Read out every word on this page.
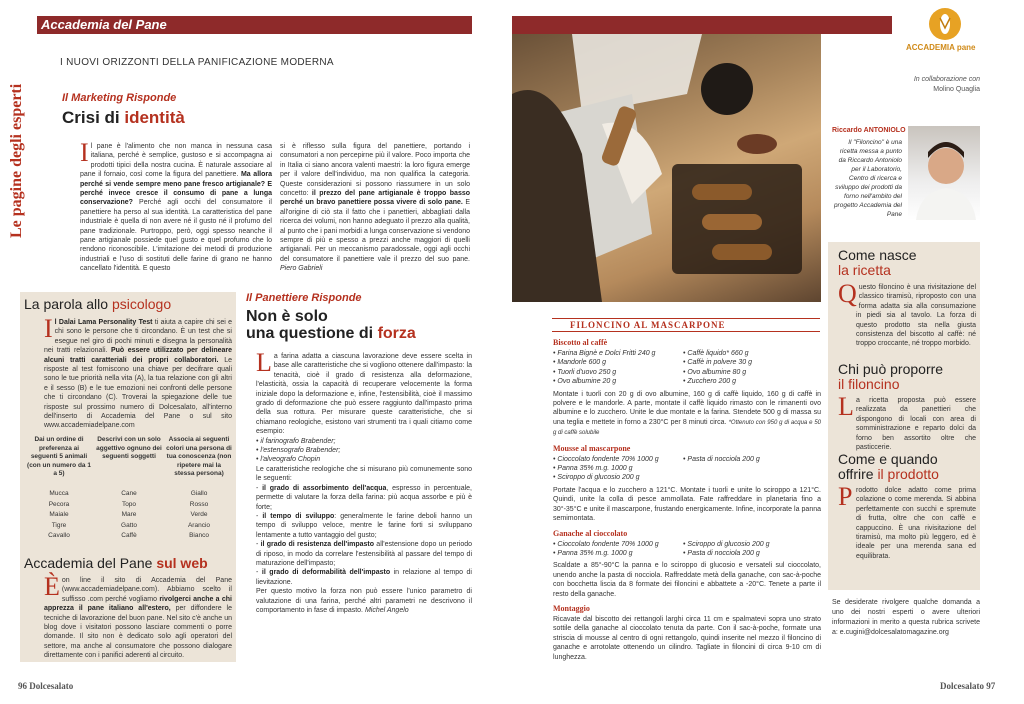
Accademia del Pane
ACCADEMIA pane
Le pagine degli esperti
I NUOVI ORIZZONTI DELLA PANIFICAZIONE MODERNA
Il Marketing Risponde
Crisi di identità
Il pane è l'alimento che non manca in nessuna casa italiana, perché è semplice, gustoso e si accompagna ai prodotti tipici della nostra cucina. È naturale associare al pane il fornaio, così come la figura del panettiere. Ma allora perché si vende sempre meno pane fresco artigianale? E perché invece cresce il consumo di pane a lunga conservazione? Perché agli occhi del consumatore il panettiere ha perso al sua identità. La caratteristica del pane industriale è quella di non avere né il gusto né il profumo del pane tradizionale. Purtroppo, però, oggi spesso neanche il pane artigianale possiede quel gusto e quel profumo che lo rendono riconoscibile. L'imitazione dei metodi di produzione industriali e l'uso di sostituti delle farine di grano ne hanno cancellato l'identità. E questo
si è riflesso sulla figura del panettiere, portando i consumatori a non percepirne più il valore. Poco importa che in Italia ci siano ancora valenti maestri: la loro figura emerge per il valore dell'individuo, ma non qualifica la categoria. Queste considerazioni si possono riassumere in un solo concetto: il prezzo del pane artigianale è troppo basso perché un bravo panettiere possa vivere di solo pane. E all'origine di ciò sta il fatto che i panettieri, abbagliati dalla ricerca dei volumi, non hanno adeguato il prezzo alla qualità, al punto che i pani morbidi a lunga conservazione si vendono sempre di più e spesso a prezzi anche maggiori di quelli artigianali. Per un meccanismo paradossale, oggi agli occhi del consumatore il panettiere vale il prezzo del suo pane. Piero Gabrieli
La parola allo psicologo
Il Dalai Lama Personality Test ti aiuta a capire chi sei e chi sono le persone che ti circondano. È un test che si esegue nel giro di pochi minuti e disegna la personalità nei tratti relazionali. Può essere utilizzato per delineare alcuni tratti caratteriali dei propri collaboratori. Le risposte al test forniscono una chiave per decifrare quali sono le tue priorità nella vita (A), la tua relazione con gli altri e il sesso (B) e le tue emozioni nei confronti delle persone che ti circondano (C). Troverai la spiegazione delle tue risposte sul prossimo numero di Dolcesalato, all'interno dell'inserto di Accademia del Pane o sul sito www.accademiadelpane.com
Dai un ordine di preferenza ai seguenti 5 animali (con un numero da 1 a 5)	Descrivi con un solo aggettivo ognuno dei seguenti soggetti	Associa ai seguenti colori una persona di tua conoscenza (non ripetere mai la stessa persona)

Mucca	Cane	Giallo
Pecora	Topo	Rosso
Maiale	Mare	Verde
Tigre	Gatto	Arancio
Cavallo	Caffè	Bianco
Accademia del Pane sul web
Èon line il sito di Accademia del Pane (www.accademiadelpane.com). Abbiamo scelto il suffisso .com perché vogliamo rivolgerci anche a chi apprezza il pane italiano all'estero, per diffondere le tecniche di lavorazione del buon pane. Nel sito c'è anche un blog dove i visitatori possono lasciare commenti o porre domande. Il sito non è dedicato solo agli operatori del settore, ma anche al consumatore che possono dialogare direttamente con i panifici aderenti al circuito.
Il Panettiere Risponde
Non è solo
una questione di forza
La farina adatta a ciascuna lavorazione deve essere scelta in base alle caratteristiche che si vogliono ottenere dall'impasto: la tenacità, cioè il grado di resistenza alla deformazione, l'elasticità, ossia la capacità di recuperare velocemente la forma iniziale dopo la deformazione e, infine, l'estensibilità, cioè il massimo grado di deformazione che può essere raggiunto dall'impasto prima della sua rottura. Per misurare queste caratteristiche, che si chiamano reologiche, esistono vari strumenti tra i quali citiamo come esempio:
• il farinografo Brabender;
• l'estensografo Brabender;
• l'alveografo Chopin
Le caratteristiche reologiche che si misurano più comunemente sono le seguenti:
- il grado di assorbimento dell'acqua, espresso in percentuale, permette di valutare la forza della farina: più acqua assorbe e più è forte;
- il tempo di sviluppo: generalmente le farine deboli hanno un tempo di sviluppo veloce, mentre le farine forti si sviluppano lentamente a tutto vantaggio del gusto;
- il grado di resistenza dell'impasto all'estensione dopo un periodo di riposo, in modo da correlare l'estensibilità al passare del tempo di maturazione dell'impasto;
- il grado di deformabilità dell'impasto in relazione al tempo di lievitazione.
Per questo motivo la forza non può essere l'unico parametro di valutazione di una farina, perché altri parametri ne descrivono il comportamento in fase di impasto. Michel Angelo
FILONCINO AL MASCARPONE
Biscotto al caffè
• Farina Bignè e Dolci Fritti 240 g
• Mandorle 600 g
• Tuorli d'uovo 250 g
• Ovo albumine 20 g
• Caffè liquido* 660 g
• Caffè in polvere 30 g
• Ovo albumine 80 g
• Zucchero 200 g
Montate i tuorli con 20 g di ovo albumine, 160 g di caffè liquido, 160 g di caffè in polvere e le mandorle. A parte, montate il caffè liquido rimasto con le rimanenti ovo albumine e lo zucchero. Unite le due montate e la farina. Stendete 500 g di massa su una teglia e mettete in forno a 230°C per 8 minuti circa. *Ottenuto con 950 g di acqua e 50 g di caffè solubile
Mousse al mascarpone
• Cioccolato fondente 70% 1000 g
• Panna 35% m.g. 1000 g
• Sciroppo di glucosio 200 g
• Pasta di nocciola 200 g
Portate l'acqua e lo zucchero a 121°C. Montate i tuorli e unite lo sciroppo a 121°C. Quindi, unite la colla di pesce ammollata. Fate raffreddare in planetaria fino a 30°-35°C e unite il mascarpone, frustando energicamente. Infine, incorporate la panna semimontata.
Ganache al cioccolato
• Cioccolato fondente 70% 1000 g
• Panna 35% m.g. 1000 g
• Sciroppo di glucosio 200 g
• Pasta di nocciola 200 g
Scaldate a 85°-90°C la panna e lo sciroppo di glucosio e versateli sul cioccolato, unendo anche la pasta di nocciola. Raffreddate metà della ganache, con sac-à-poche con bocchetta liscia da 8 formate dei filoncini e abbattete a -20°C. Tenete a parte il resto della ganache.
Montaggio
Ricavate dal biscotto dei rettangoli larghi circa 11 cm e spalmatevi sopra uno strato sottile della ganache al cioccolato tenuta da parte. Con il sac-à-poche, formate una striscia di mousse al centro di ogni rettangolo, quindi inserite nel mezzo il filoncino di ganache e arrotolate ottenendo un cilindro. Tagliate in filoncini di circa 9-10 cm di lunghezza.
In collaborazione con
Molino Quaglia
Riccardo ANTONIOLO
Il "Filoncino" è una ricetta messa a punto da Riccardo Antoniolo per il Laboratorio, Centro di ricerca e sviluppo dei prodotti da forno nell'ambito del progetto Accademia del Pane
Come nasce
la ricetta
Questo filoncino è una rivisitazione del classico tiramisù, riproposto con una forma adatta sia alla consumazione in piedi sia al tavolo. La forza di questo prodotto sta nella giusta consistenza del biscotto al caffè: né troppo croccante, né troppo morbido.
Chi può proporre
il filoncino
La ricetta proposta può essere realizzata da panettieri che dispongono di locali con area di somministrazione e reparto dolci da forno ben assortito oltre che pasticcerie.
Come e quando
offrire il prodotto
Prodotto dolce adatto come prima colazione o come merenda. Si abbina perfettamente con succhi e spremute di frutta, oltre che con caffè e cappuccino. È una rivisitazione del tiramisù, ma molto più leggero, ed è ideale per una merenda sana ed equilibrata.
Se desiderate rivolgere qualche domanda a uno dei nostri esperti o avere ulteriori informazioni in merito a questa rubrica scrivete a: e.cugini@dolcesalatomagazine.org
96 Dolcesalato	Dolcesalato 97
